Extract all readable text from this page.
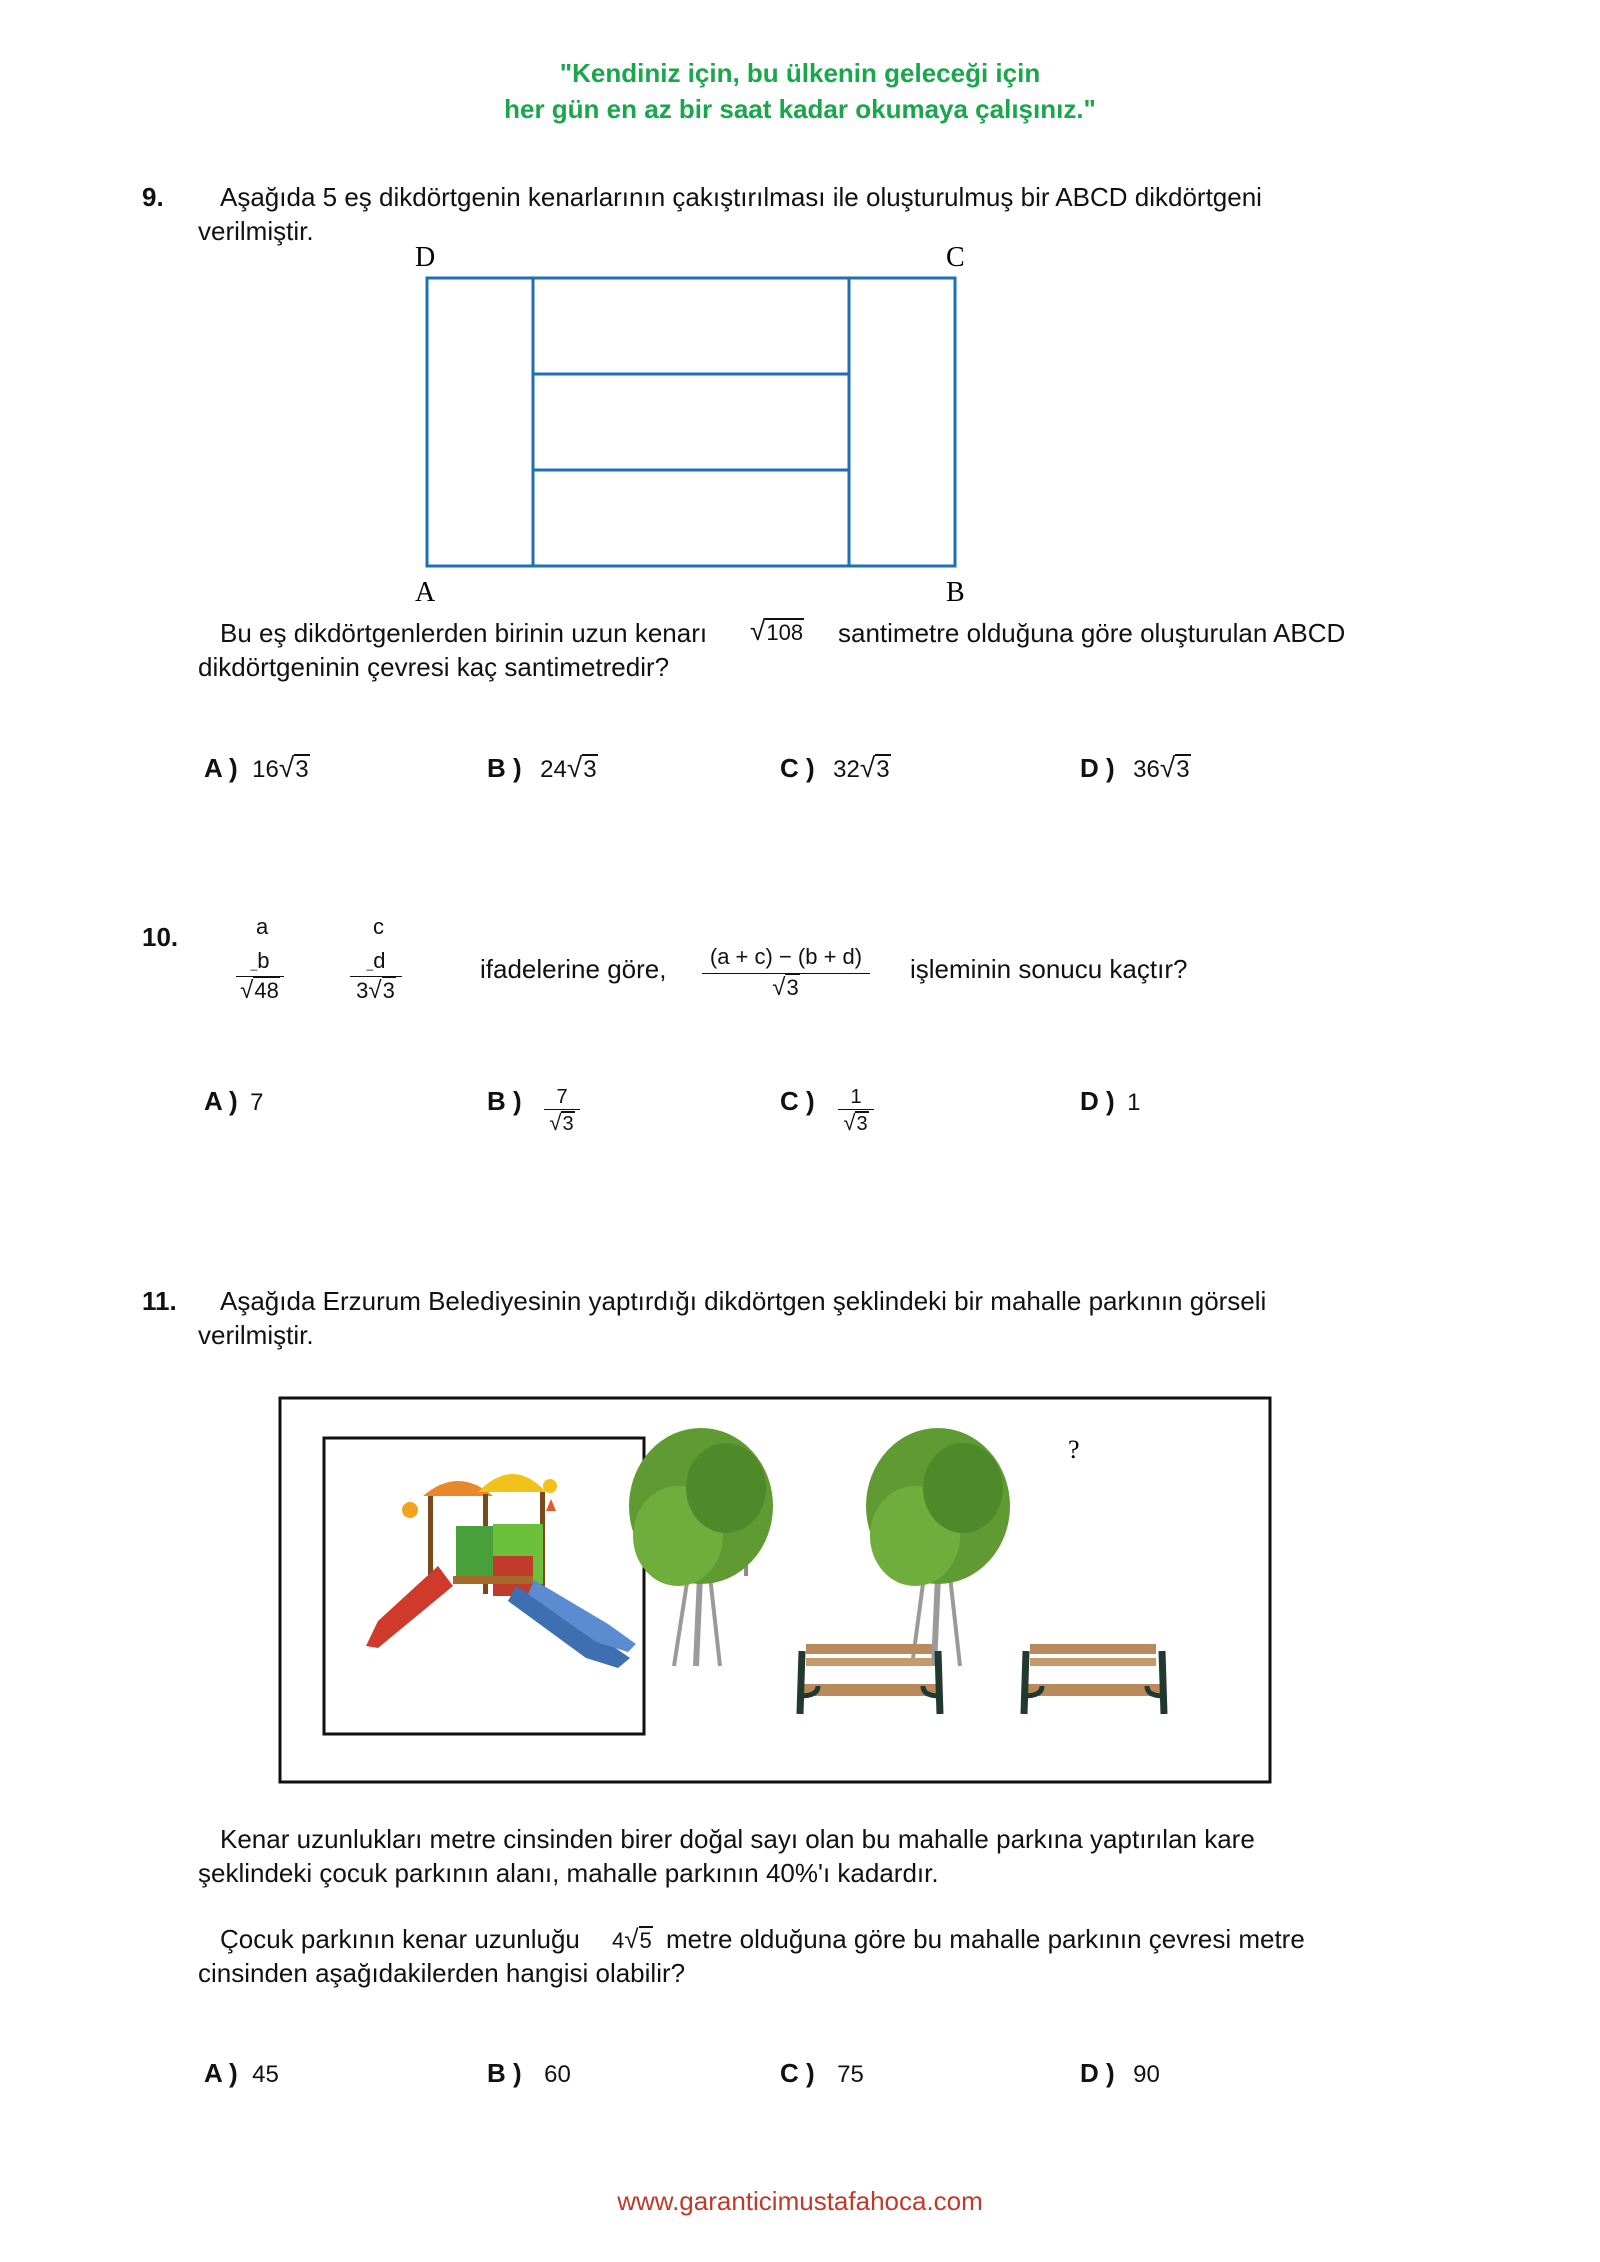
"Kendiniz için, bu ülkenin geleceği için
her gün en az bir saat kadar okumaya çalışınız."
9. Aşağıda 5 eş dikdörtgenin kenarlarının çakıştırılması ile oluşturulmuş bir ABCD dikdörtgeni
verilmiştir.
D	C
A	B
Bu eş dikdörtgenlerden birinin uzun kenarı √108 santimetre olduğuna göre oluşturulan ABCD
dikdörtgeninin çevresi kaç santimetredir?
A ) 16√3	B ) 24√3	C ) 32√3	D ) 36√3
10.	a
_b
√48
c
_d
3√3
ifadelerine göre,	(a + c) − (b + d)
√3
işleminin sonucu kaçtır?
A ) 7	B )	7
√3
C )	1
√3
D ) 1
11. Aşağıda Erzurum Belediyesinin yaptırdığı dikdörtgen şeklindeki bir mahalle parkının görseli
verilmiştir.
?
Kenar uzunlukları metre cinsinden birer doğal sayı olan bu mahalle parkına yaptırılan kare
şeklindeki çocuk parkının alanı, mahalle parkının 40%'ı kadardır.
Çocuk parkının kenar uzunluğu 4√5 metre olduğuna göre bu mahalle parkının çevresi metre
cinsinden aşağıdakilerden hangisi olabilir?
A ) 45	B ) 60	C ) 75	D ) 90
www.garanticimustafahoca.com
